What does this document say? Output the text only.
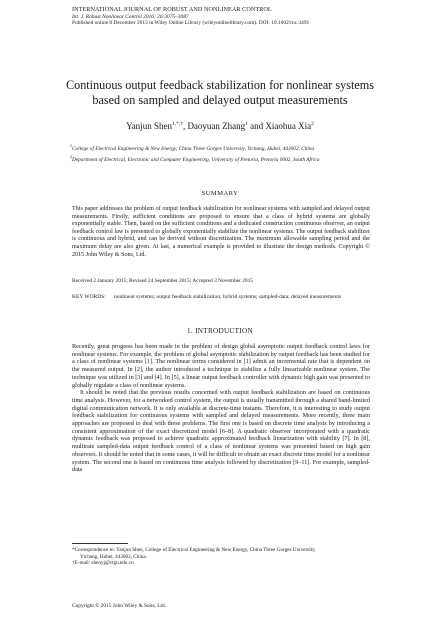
INTERNATIONAL JOURNAL OF ROBUST AND NONLINEAR CONTROL
Int. J. Robust Nonlinear Control 2016; 26:3075–3087
Published online 8 December 2015 in Wiley Online Library (wileyonlinelibrary.com). DOI: 10.1002/rnc.3491
Continuous output feedback stabilization for nonlinear systems
based on sampled and delayed output measurements
Yanjun Shen$^{1,*,\dagger}$, Daoyuan Zhang$^1$ and Xiaohua Xia$^2$
$^1$College of Electrical Engineering & New Energy, China Three Gorges University, Yichang, Hubei, 443002, China
$^2$Department of Electrical, Electronic and Computer Engineering, University of Pretoria, Pretoria 0002, South Africa
SUMMARY
This paper addresses the problem of output feedback stabilization for nonlinear systems with sampled and delayed output measurements. Firstly, sufficient conditions are proposed to ensure that a class of hybrid systems are globally exponentially stable. Then, based on the sufficient conditions and a dedicated construction continuous observer, an output feedback control law is presented to globally exponentially stabilize the nonlinear systems. The output feedback stabilizer is continuous and hybrid, and can be derived without discretization. The maximum allowable sampling period and the maximum delay are also given. At last, a numerical example is provided to illustrate the design methods. Copyright © 2015 John Wiley & Sons, Ltd.
Received 2 January 2015; Revised 24 September 2015; Accepted 3 November 2015
KEY WORDS:	nonlinear systems; output feedback stabilization; hybrid systems; sampled-data; delayed measurements
1. INTRODUCTION

Recently, great progress has been made in the problem of design global asymptotic output feedback control laws for nonlinear systems. For example, the problem of global asymptotic stabilization by output feedback has been studied for a class of nonlinear systems [1]. The nonlinear terms considered in [1] admit an incremental rate that is dependent on the measured output. In [2], the author introduced a technique to stabilize a fully linearizable nonlinear system. The technique was utilized in [3] and [4]. In [5], a linear output feedback controller with dynamic high gain was presented to globally regulate a class of nonlinear systems.

It should be noted that the previous results concerned with output feedback stabilization are based on continuous time analysis. However, for a networked control system, the output is usually transmitted through a shared band-limited digital communication network. It is only available at discrete-time instants. Therefore, it is interesting to study output feedback stabilization for continuous systems with sampled and delayed measurements. More recently, three main approaches are proposed to deal with these problems. The first one is based on discrete time analysis by introducing a consistent approximation of the exact discretized model [6–8]. A quadratic observer incorporated with a quadratic dynamic feedback was proposed to achieve quadratic approximated feedback linearization with stability [7]. In [8], multirate sampled-data output feedback control of a class of nonlinear systems was presented based on high gain observers. It should be noted that in some cases, it will be difficult to obtain an exact discrete time model for a nonlinear system. The second one is based on continuous time analysis followed by discretization [9–11]. For example, sampled-data

*Correspondence to: Yanjun Shen, College of Electrical Engineering & New Energy, China Three Gorges University,

Yichang, Hubei, 443002, China.

†E-mail: shenyj@ctgu.edu.cn

Copyright © 2015 John Wiley & Sons, Ltd.
